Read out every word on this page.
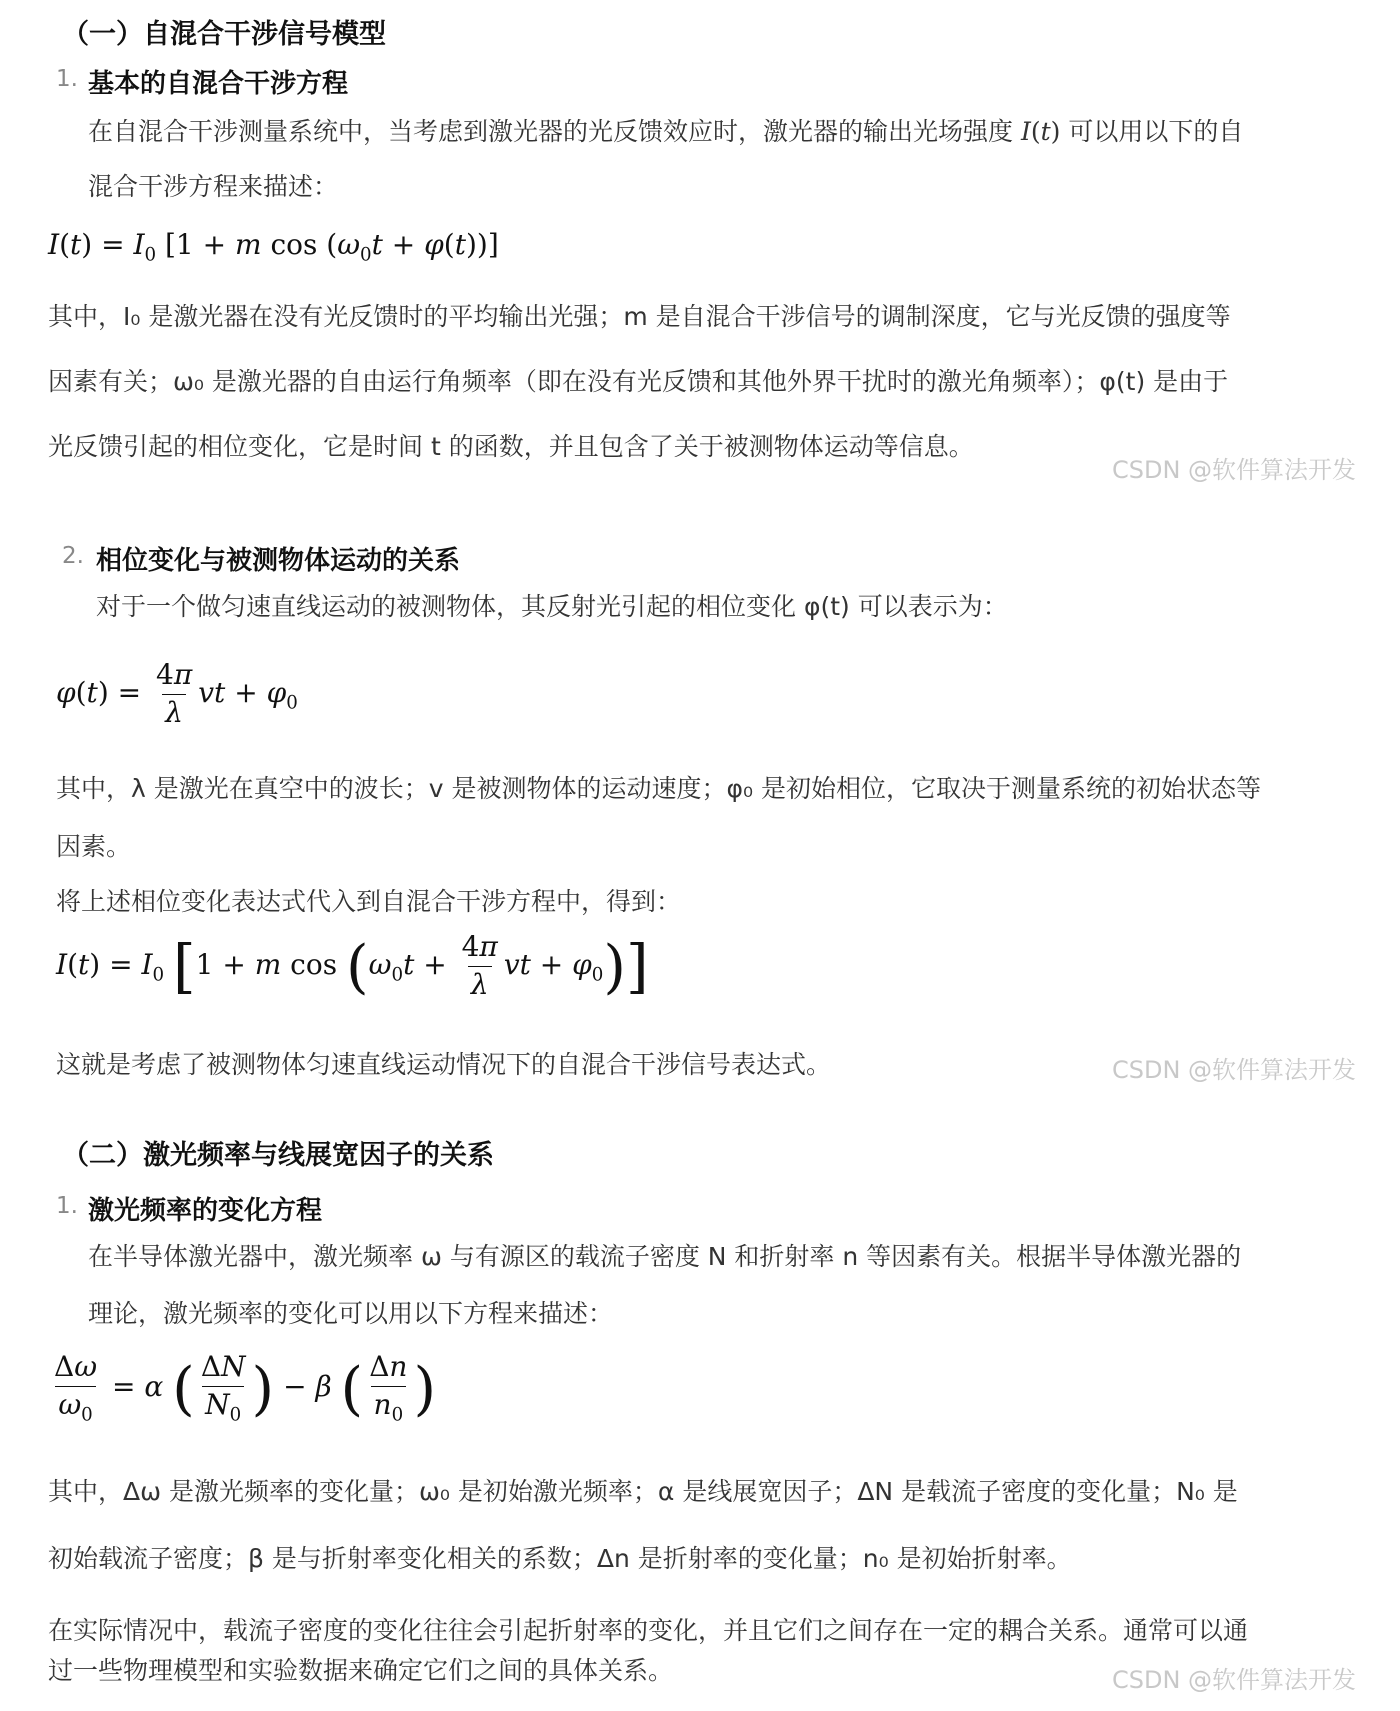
（一）自混合干涉信号模型
1. 基本的自混合干涉方程
在自混合干涉测量系统中，当考虑到激光器的光反馈效应时，激光器的输出光场强度 I(t) 可以用以下的自
混合干涉方程来描述：
$I(t) = I_0$ [1 + m $\cos (\omega_0t + \varphi(t))$]
其中，I₀ 是激光器在没有光反馈时的平均输出光强；m 是自混合干涉信号的调制深度，它与光反馈的强度等
因素有关；ω₀ 是激光器的自由运行角频率（即在没有光反馈和其他外界干扰时的激光角频率）；φ(t) 是由于
光反馈引起的相位变化，它是时间 t 的函数，并且包含了关于被测物体运动等信息。
CSDN @软件算法开发
2. 相位变化与被测物体运动的关系
对于一个做匀速直线运动的被测物体，其反射光引起的相位变化 φ(t) 可以表示为：
$\varphi(t) = \frac{4\pi}{\lambda}$ vt + $\varphi_0$
其中，λ 是激光在真空中的波长；v 是被测物体的运动速度；φ₀ 是初始相位，它取决于测量系统的初始状态等
因素。
将上述相位变化表达式代入到自混合干涉方程中，得到：
$I(t) = I_0$ [1 + m $\cos (\omega_0t + \frac{4\pi}{\lambda}$ vt + $\varphi_0$)]
这就是考虑了被测物体匀速直线运动情况下的自混合干涉信号表达式。	CSDN @软件算法开发
（二）激光频率与线展宽因子的关系
1. 激光频率的变化方程
在半导体激光器中，激光频率 ω 与有源区的载流子密度 N 和折射率 n 等因素有关。根据半导体激光器的
理论，激光频率的变化可以用以下方程来描述：
$\frac{\Delta\omega}{\omega_0} = \alpha$ ( $\frac{\Delta N}{N_0}$ ) − β ( $\frac{\Delta n}{n_0}$ )
其中，Δω 是激光频率的变化量；ω₀ 是初始激光频率；α 是线展宽因子；ΔN 是载流子密度的变化量；N₀ 是
初始载流子密度；β 是与折射率变化相关的系数；Δn 是折射率的变化量；n₀ 是初始折射率。
在实际情况中，载流子密度的变化往往会引起折射率的变化，并且它们之间存在一定的耦合关系。通常可以通
过一些物理模型和实验数据来确定它们之间的具体关系。	CSDN @软件算法开发
